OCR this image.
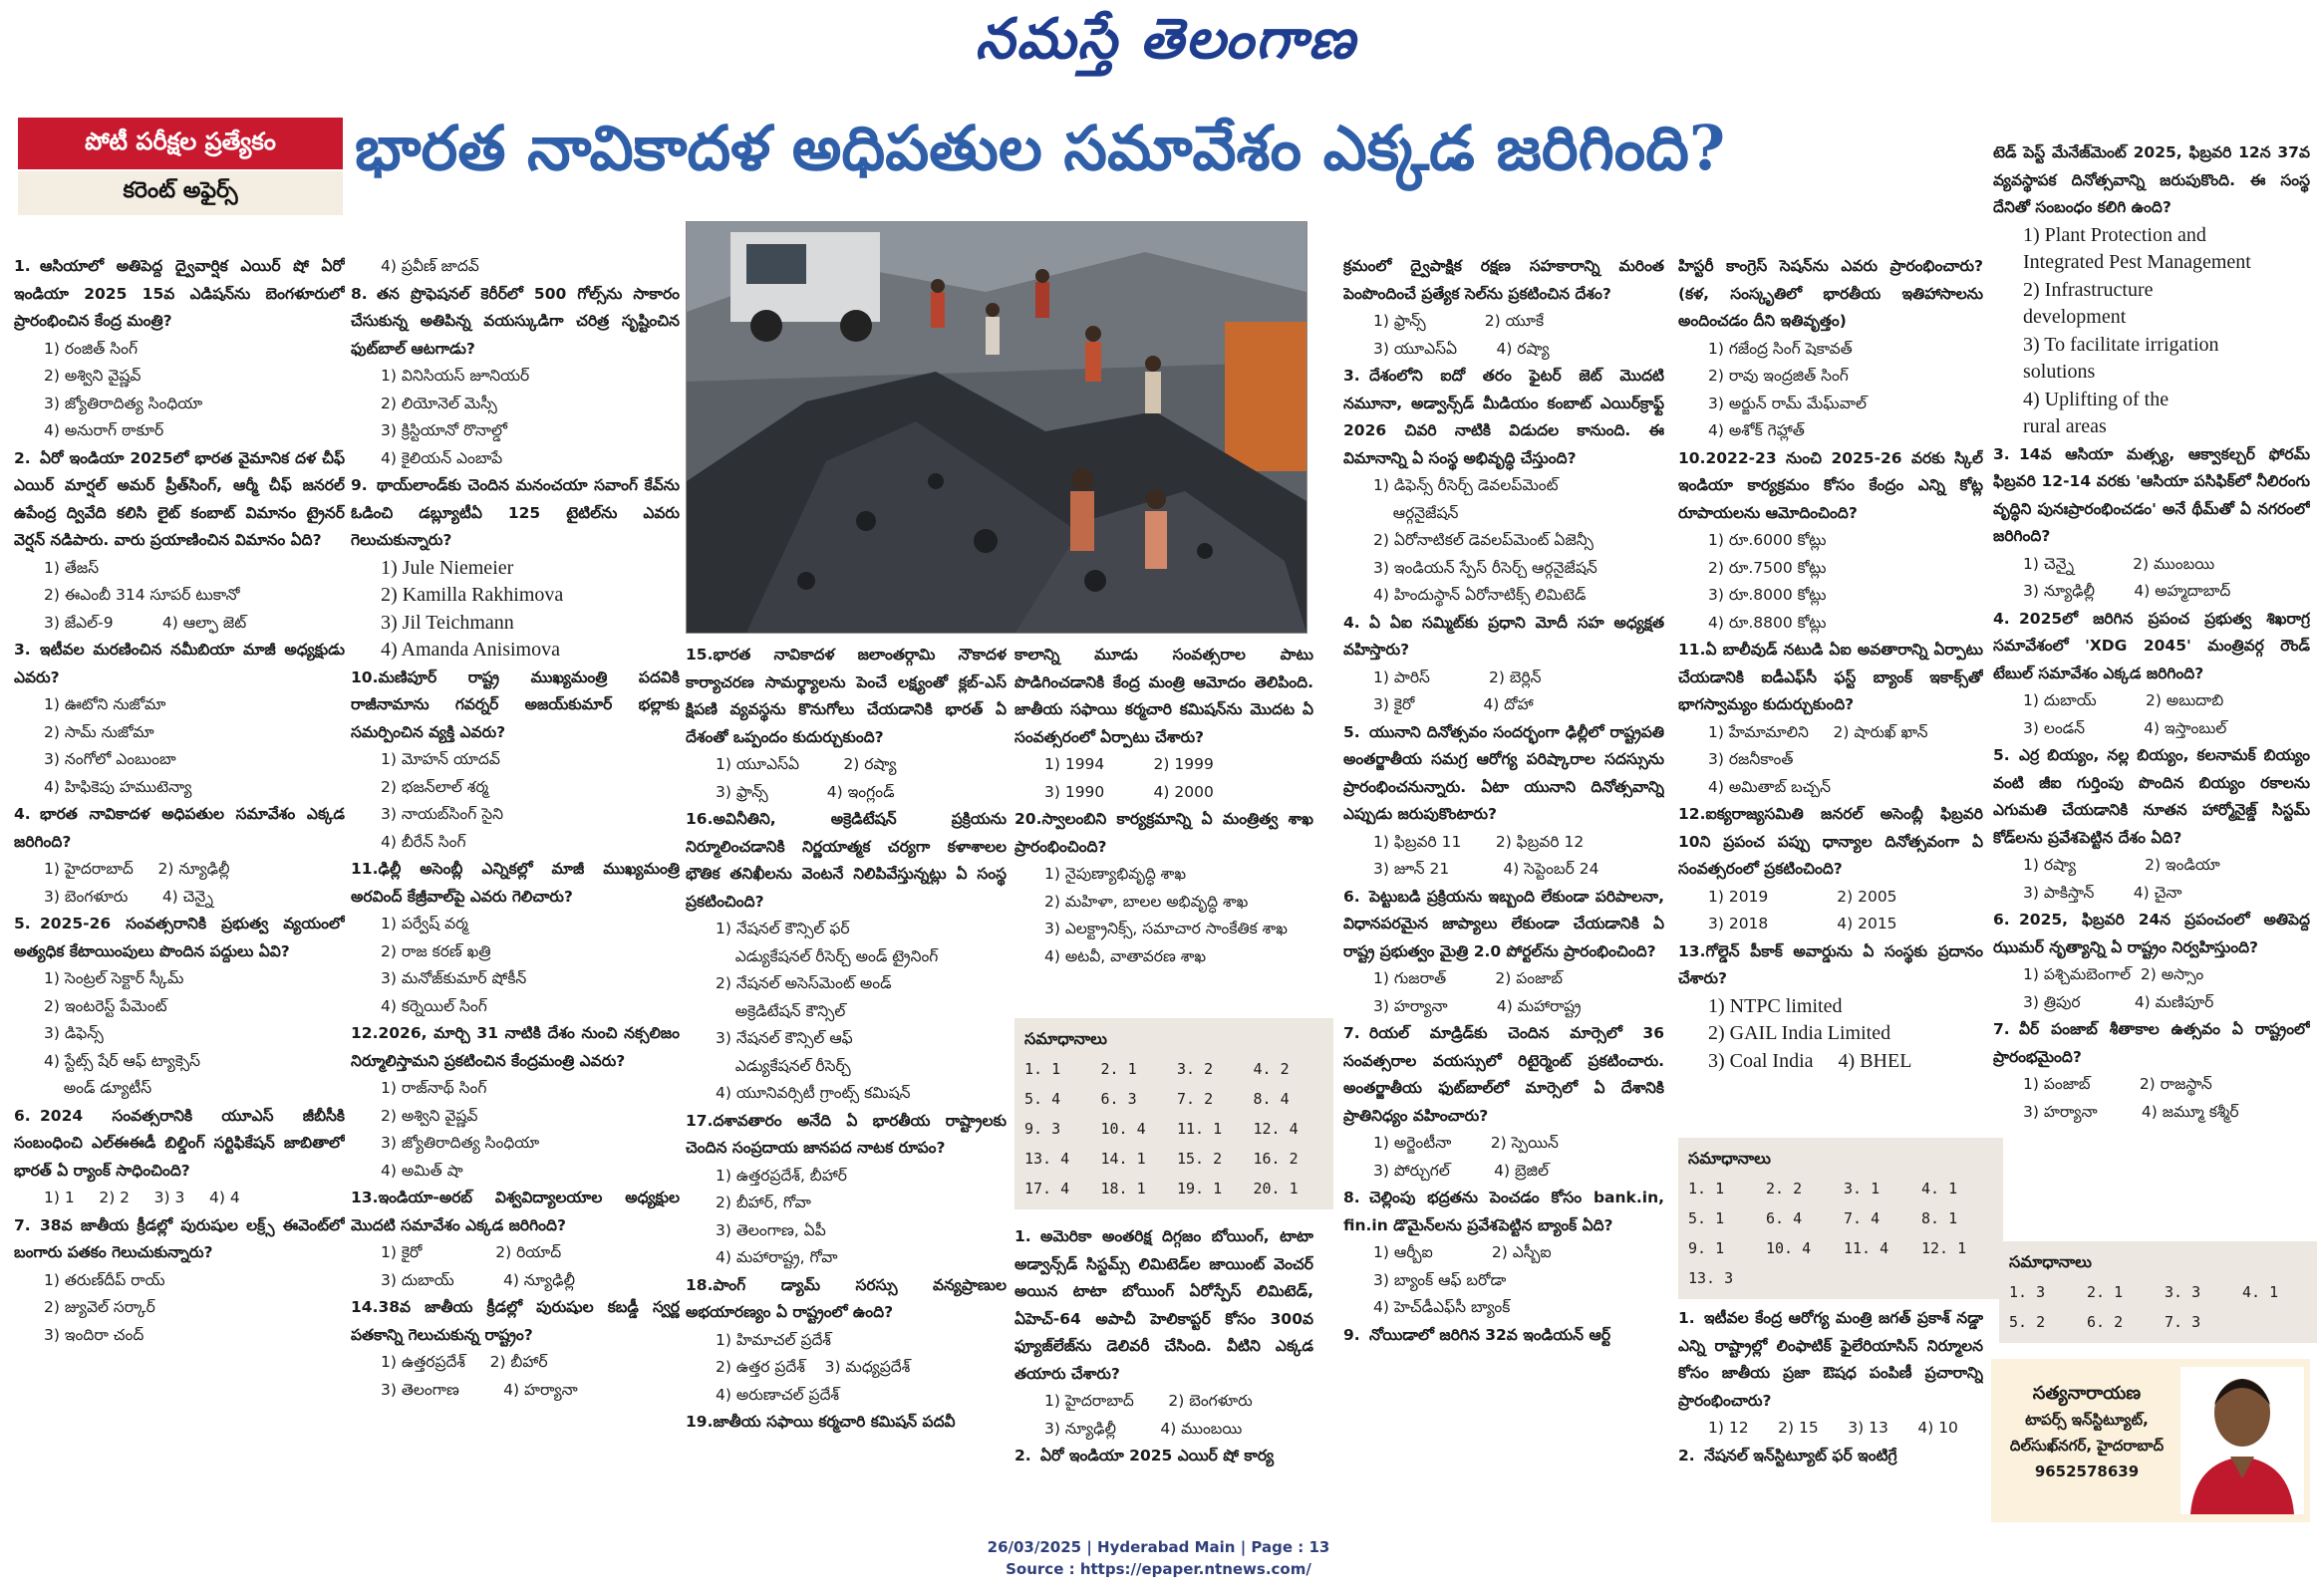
నమస్తే తెలంగాణ
పోటీ పరీక్షల ప్రత్యేకం
కరెంట్ అఫైర్స్
భారత నావికాదళ అధిపతుల సమావేశం ఎక్కడ జరిగింది?

1. ఆసియాలో అతిపెద్ద ద్వైవార్షిక ఎయిర్ షో ఏరో ఇండియా 2025 15వ ఎడిషన్‌ను బెంగళూరులో ప్రారంభించిన కేంద్ర మంత్రి?

1) రంజిత్ సింగ్

2) అశ్విని వైష్ణవ్

3) జ్యోతిరాదిత్య సింధియా

4) అనురాగ్ ఠాకూర్

2. ఏరో ఇండియా 2025లో భారత వైమానిక దళ చీఫ్ ఎయిర్ మార్షల్ అమర్ ప్రీత్‌సింగ్, ఆర్మీ చీఫ్ జనరల్ ఉపేంద్ర ద్వివేది కలిసి లైట్ కంబాట్ విమానం ట్రైనర్ వెర్షన్ నడిపారు. వారు ప్రయాణించిన విమానం ఏది?

1) తేజస్

2) ఈఎంబీ 314 సూపర్ టుకానో

3) జేఎల్-9          4) ఆల్ఫా జెట్

3. ఇటీవల మరణించిన నమీబియా మాజీ అధ్యక్షుడు ఎవరు?

1) ఊటోని నుజోమా

2) సామ్ నుజోమా

3) నంగోలో ఎంబుంబా

4) హిఫికెపు హముటెన్యా

4. భారత నావికాదళ అధిపతుల సమావేశం ఎక్కడ జరిగింది?

1) హైదరాబాద్     2) న్యూఢిల్లీ

3) బెంగళూరు       4) చెన్నై

5. 2025-26 సంవత్సరానికి ప్రభుత్వ వ్యయంలో అత్యధిక కేటాయింపులు పొందిన పద్దులు ఏవి?

1) సెంట్రల్ సెక్టార్ స్కీమ్

2) ఇంటరెస్ట్ పేమెంట్

3) డిఫెన్స్

4) స్టేట్స్ షేర్ ఆఫ్ ట్యాక్సెస్

అండ్ డ్యూటీస్

6. 2024 సంవత్సరానికి యూఎస్ జీబీసీకి సంబంధించి ఎల్ఈఈడీ బిల్డింగ్ సర్టిఫికేషన్ జాబితాలో భారత్ ఏ ర్యాంక్ సాధించింది?

1) 1     2) 2     3) 3     4) 4

7. 38వ జాతీయ క్రీడల్లో పురుషుల లక్ర్స్ ఈవెంట్‌లో బంగారు పతకం గెలుచుకున్నారు?

1) తరుణ్‌దీప్ రాయ్

2) జ్యువెల్ సర్కార్

3) ఇందిరా చంద్

4) ప్రవీణ్ జాదవ్

8. తన ప్రొఫెషనల్ కెరీర్‌లో 500 గోల్స్‌ను సాకారం చేసుకున్న అతిపిన్న వయస్కుడిగా చరిత్ర సృష్టించిన ఫుట్‌బాల్ ఆటగాడు?

1) వినిసియస్ జూనియర్

2) లియోనెల్ మెస్సీ

3) క్రిస్టియానో రొనాల్డో

4) కైలియన్ ఎంబాపే

9. థాయ్‌లాండ్‌కు చెందిన మనంచయా సవాంగ్ కేవ్‌ను ఓడించి డబ్ల్యూటీఏ 125 టైటిల్‌ను ఎవరు గెలుచుకున్నారు?

1) Jule Niemeier

2) Kamilla Rakhimova

3) Jil Teichmann

4) Amanda Anisimova

10.మణిపూర్ రాష్ట్ర ముఖ్యమంత్రి పదవికి రాజీనామాను గవర్నర్ అజయ్‌కుమార్ భల్లాకు సమర్పించిన వ్యక్తి ఎవరు?

1) మోహన్ యాదవ్

2) భజన్‌లాల్ శర్మ

3) నాయబ్‌సింగ్ సైని

4) బీరేన్ సింగ్

11.ఢిల్లీ అసెంబ్లీ ఎన్నికల్లో మాజీ ముఖ్యమంత్రి అరవింద్ కేజ్రీవాల్‌పై ఎవరు గెలిచారు?

1) పర్వేష్ వర్మ

2) రాజ కరణ్ ఖత్రి

3) మనోజ్‌కుమార్ షోకీన్

4) కర్నెయిల్ సింగ్

12.2026, మార్చి 31 నాటికి దేశం నుంచి నక్సలిజం నిర్మూలిస్తామని ప్రకటించిన కేంద్రమంత్రి ఎవరు?

1) రాజ్‌నాథ్ సింగ్

2) అశ్విని వైష్ణవ్

3) జ్యోతిరాదిత్య సింధియా

4) అమిత్ షా

13.ఇండియా-అరబ్ విశ్వవిద్యాలయాల అధ్యక్షుల మొదటి సమావేశం ఎక్కడ జరిగింది?

1) కైరో               2) రియాద్

3) దుబాయ్          4) న్యూఢిల్లీ

14.38వ జాతీయ క్రీడల్లో పురుషుల కబడ్డీ స్వర్ణ పతకాన్ని గెలుచుకున్న రాష్ట్రం?

1) ఉత్తరప్రదేశ్     2) బీహార్

3) తెలంగాణ         4) హర్యానా

15.భారత నావికాదళ జలాంతర్గామి నౌకాదళ కార్యాచరణ సామర్థ్యాలను పెంచే లక్ష్యంతో క్లబ్-ఎస్ క్షిపణి వ్యవస్థను కొనుగోలు చేయడానికి భారత్ ఏ దేశంతో ఒప్పందం కుదుర్చుకుంది?

1) యూఎస్ఏ         2) రష్యా

3) ఫ్రాన్స్            4) ఇంగ్లండ్

16.అవినీతిని, అక్రెడిటేషన్ ప్రక్రియను నిర్మూలించడానికి నిర్ణయాత్మక చర్యగా కళాశాలల భౌతిక తనిఖీలను వెంటనే నిలిపివేస్తున్నట్లు ఏ సంస్థ ప్రకటించింది?

1) నేషనల్ కౌన్సిల్ ఫర్

ఎడ్యుకేషనల్ రీసెర్చ్ అండ్ ట్రైనింగ్

2) నేషనల్ అసెస్‌మెంట్ అండ్

అక్రెడిటేషన్ కౌన్సిల్

3) నేషనల్ కౌన్సిల్ ఆఫ్

ఎడ్యుకేషనల్ రీసెర్చ్

4) యూనివర్సిటీ గ్రాంట్స్ కమిషన్

17.దశావతారం అనేది ఏ భారతీయ రాష్ట్రాలకు చెందిన సంప్రదాయ జానపద నాటక రూపం?

1) ఉత్తరప్రదేశ్, బీహార్

2) బీహార్, గోవా

3) తెలంగాణ, ఏపీ

4) మహారాష్ట్ర, గోవా

18.పాంగ్ డ్యామ్ సరస్సు వన్యప్రాణుల అభయారణ్యం ఏ రాష్ట్రంలో ఉంది?

1) హిమాచల్ ప్రదేశ్

2) ఉత్తర ప్రదేశ్    3) మధ్యప్రదేశ్

4) అరుణాచల్ ప్రదేశ్

19.జాతీయ సఫాయి కర్మచారి కమిషన్ పదవీ

కాలాన్ని మూడు సంవత్సరాల పాటు పొడిగించడానికి కేంద్ర మంత్రి ఆమోదం తెలిపింది. జాతీయ సఫాయి కర్మచారి కమిషన్‌ను మొదట ఏ సంవత్సరంలో ఏర్పాటు చేశారు?

1) 1994          2) 1999

3) 1990          4) 2000

20.స్వాలంబిని కార్యక్రమాన్ని ఏ మంత్రిత్వ శాఖ ప్రారంభించింది?

1) నైపుణ్యాభివృద్ధి శాఖ

2) మహిళా, బాలల అభివృద్ధి శాఖ

3) ఎలక్ట్రానిక్స్, సమాచార సాంకేతిక శాఖ

4) అటవీ, వాతావరణ శాఖ

సమాధానాలు
1. 1	2. 1	3. 2	4. 2
5. 4	6. 3	7. 2	8. 4
9. 3	10. 4	11. 1	12. 4
13. 4	14. 1	15. 2	16. 2
17. 4	18. 1	19. 1	20. 1

1. అమెరికా అంతరిక్ష దిగ్గజం బోయింగ్, టాటా అడ్వాన్స్‌డ్ సిస్టమ్స్ లిమిటెడ్‌ల జాయింట్ వెంచర్ అయిన టాటా బోయింగ్ ఏరోస్పేస్ లిమిటెడ్, ఏహెచ్-64 అపాచీ హెలికాప్టర్ కోసం 300వ ఫ్యూజ్‌లేజ్‌ను డెలివరీ చేసింది. వీటిని ఎక్కడ తయారు చేశారు?

1) హైదరాబాద్       2) బెంగళూరు

3) న్యూఢిల్లీ         4) ముంబయి

2. ఏరో ఇండియా 2025 ఎయిర్ షో కార్య

క్రమంలో ద్వైపాక్షిక రక్షణ సహకారాన్ని మరింత పెంపొందించే ప్రత్యేక సెల్‌ను ప్రకటించిన దేశం?

1) ఫ్రాన్స్            2) యూకే

3) యూఎస్ఏ        4) రష్యా

3. దేశంలోని ఐదో తరం ఫైటర్ జెట్ మొదటి నమూనా, అడ్వాన్స్‌డ్ మీడియం కంబాట్ ఎయిర్‌క్రాఫ్ట్ 2026 చివరి నాటికి విడుదల కానుంది. ఈ విమానాన్ని ఏ సంస్థ అభివృద్ధి చేస్తుంది?

1) డిఫెన్స్ రీసెర్చ్ డెవలప్‌మెంట్

ఆర్గనైజేషన్

2) ఏరోనాటికల్ డెవలప్‌మెంట్ ఏజెన్సీ

3) ఇండియన్ స్పేస్ రీసెర్చ్ ఆర్గనైజేషన్

4) హిందుస్థాన్ ఏరోనాటిక్స్ లిమిటెడ్

4. ఏ ఏఐ సమ్మిట్‌కు ప్రధాని మోదీ సహ అధ్యక్షత వహిస్తారు?

1) పారిస్            2) బెర్లిన్

3) కైరో              4) దోహా

5. యునాని దినోత్సవం సందర్భంగా ఢిల్లీలో రాష్ట్రపతి అంతర్జాతీయ సమగ్ర ఆరోగ్య పరిష్కారాల సదస్సును ప్రారంభించనున్నారు. ఏటా యునాని దినోత్సవాన్ని ఎప్పుడు జరుపుకొంటారు?

1) ఫిబ్రవరి 11       2) ఫిబ్రవరి 12

3) జూన్ 21           4) సెప్టెంబర్ 24

6. పెట్టుబడి ప్రక్రియను ఇబ్బంది లేకుండా పరిపాలనా, విధానపరమైన జాప్యాలు లేకుండా చేయడానికి ఏ రాష్ట్ర ప్రభుత్వం మైత్రి 2.0 పోర్టల్‌ను ప్రారంభించింది?

1) గుజరాత్          2) పంజాబ్

3) హర్యానా          4) మహారాష్ట్ర

7. రియల్ మాడ్రిడ్‌కు చెందిన మార్సెలో 36 సంవత్సరాల వయస్సులో రిటైర్మెంట్ ప్రకటించారు. అంతర్జాతీయ ఫుట్‌బాల్‌లో మార్సెలో ఏ దేశానికి ప్రాతినిధ్యం వహించారు?

1) అర్జెంటీనా        2) స్పెయిన్

3) పోర్చుగల్         4) బ్రెజిల్

8. చెల్లింపు భద్రతను పెంచడం కోసం bank.in, fin.in డొమైన్‌లను ప్రవేశపెట్టిన బ్యాంక్ ఏది?

1) ఆర్బీఐ            2) ఎస్బీఐ

3) బ్యాంక్ ఆఫ్ బరోడా

4) హెచ్‌డీఎఫ్‌సీ బ్యాంక్

9. నోయిడాలో జరిగిన 32వ ఇండియన్ ఆర్ట్

హిస్టరీ కాంగ్రెస్ సెషన్‌ను ఎవరు ప్రారంభించారు? (కళ, సంస్కృతిలో భారతీయ ఇతిహాసాలను అందించడం దీని ఇతివృత్తం)

1) గజేంద్ర సింగ్ షెకావత్

2) రావు ఇంద్రజిత్ సింగ్

3) అర్జున్ రామ్ మేఘ్‌వాల్

4) అశోక్ గెహ్లాత్

10.2022-23 నుంచి 2025-26 వరకు స్కిల్ ఇండియా కార్యక్రమం కోసం కేంద్రం ఎన్ని కోట్ల రూపాయలను ఆమోదించింది?

1) రూ.6000 కోట్లు

2) రూ.7500 కోట్లు

3) రూ.8000 కోట్లు

4) రూ.8800 కోట్లు

11.ఏ బాలీవుడ్ నటుడి ఏఐ అవతారాన్ని ఏర్పాటు చేయడానికి ఐడీఎఫ్‌సీ ఫస్ట్ బ్యాంక్ ఇకాక్స్‌తో భాగస్వామ్యం కుదుర్చుకుంది?

1) హేమామాలిని     2) షారుఖ్ ఖాన్

3) రజనీకాంత్

4) అమితాబ్ బచ్చన్

12.ఐక్యరాజ్యసమితి జనరల్ అసెంబ్లీ ఫిబ్రవరి 10ని ప్రపంచ పప్పు ధాన్యాల దినోత్సవంగా ఏ సంవత్సరంలో ప్రకటించింది?

1) 2019              2) 2005

3) 2018              4) 2015

13.గోల్డెన్ పీకాక్ అవార్డును ఏ సంస్థకు ప్రదానం చేశారు?

1) NTPC limited

2) GAIL India Limited

3) Coal India     4) BHEL

సమాధానాలు
1. 1	2. 2	3. 1	4. 1
5. 1	6. 4	7. 4	8. 1
9. 1	10. 4	11. 4	12. 1
13. 3

1. ఇటీవల కేంద్ర ఆరోగ్య మంత్రి జగత్ ప్రకాశ్ నడ్డా ఎన్ని రాష్ట్రాల్లో లింఫాటిక్ ఫైలేరియాసిస్ నిర్మూలన కోసం జాతీయ ప్రజా ఔషధ పంపిణీ ప్రచారాన్ని ప్రారంభించారు?

1) 12      2) 15      3) 13      4) 10

2. నేషనల్ ఇన్‌స్టిట్యూట్ ఫర్ ఇంటిగ్రే

టెడ్ పెస్ట్ మేనేజ్‌మెంట్ 2025, ఫిబ్రవరి 12న 37వ వ్యవస్థాపక దినోత్సవాన్ని జరుపుకొంది. ఈ సంస్థ దేనితో సంబంధం కలిగి ఉంది?

1) Plant Protection and

Integrated Pest Management

2) Infrastructure

development

3) To facilitate irrigation

solutions

4) Uplifting of the

rural areas

3. 14వ ఆసియా మత్స్య, ఆక్వాకల్చర్ ఫోరమ్ ఫిబ్రవరి 12-14 వరకు 'ఆసియా పసిఫిక్‌లో నీలిరంగు వృద్ధిని పునఃప్రారంభించడం' అనే థీమ్‌తో ఏ నగరంలో జరిగింది?

1) చెన్నై            2) ముంబయి

3) న్యూఢిల్లీ        4) అహ్మదాబాద్

4. 2025లో జరిగిన ప్రపంచ ప్రభుత్వ శిఖరాగ్ర సమావేశంలో 'XDG 2045' మంత్రివర్గ రౌండ్ టేబుల్ సమావేశం ఎక్కడ జరిగింది?

1) దుబాయ్          2) అబుదాబి

3) లండన్            4) ఇస్తాంబుల్

5. ఎర్ర బియ్యం, నల్ల బియ్యం, కలనామక్ బియ్యం వంటి జీఐ గుర్తింపు పొందిన బియ్యం రకాలను ఎగుమతి చేయడానికి నూతన హార్మోనైజ్డ్ సిస్టమ్ కోడ్‌లను ప్రవేశపెట్టిన దేశం ఏది?

1) రష్యా              2) ఇండియా

3) పాకిస్తాన్        4) చైనా

6. 2025, ఫిబ్రవరి 24న ప్రపంచంలో అతిపెద్ద ఝుమర్ నృత్యాన్ని ఏ రాష్ట్రం నిర్వహిస్తుంది?

1) పశ్చిమబెంగాల్  2) అస్సాం

3) త్రిపుర           4) మణిపూర్

7. వీర్ పంజాబ్ శీతాకాల ఉత్సవం ఏ రాష్ట్రంలో ప్రారంభమైంది?

1) పంజాబ్          2) రాజస్థాన్

3) హర్యానా         4) జమ్మూ కశ్మీర్

సమాధానాలు
1. 3	2. 1	3. 3	4. 1
5. 2	6. 2	7. 3
సత్యనారాయణ
టాపర్స్ ఇన్‌స్టిట్యూట్,
దిల్‌సుఖ్‌నగర్, హైదరాబాద్
9652578639
26/03/2025 | Hyderabad Main | Page : 13
Source : https://epaper.ntnews.com/
